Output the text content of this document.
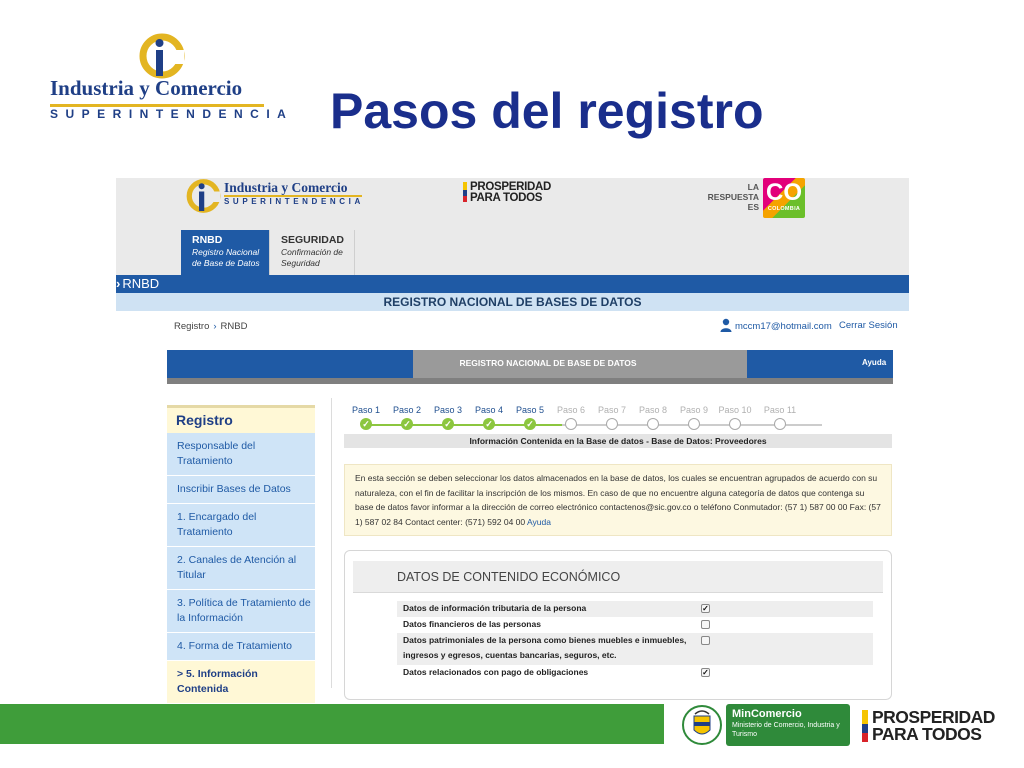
Industria y Comercio
SUPERINTENDENCIA Pasos del registro
Industria y Comercio
SUPERINTENDENCIA
PROSPERIDAD
PARA TODOS
LA
RESPUESTA
ES
CO
COLOMBIA
RNBD
Registro Nacional de Base de Datos
SEGURIDAD
Confirmación de Seguridad
› RNBD
REGISTRO NACIONAL DE BASES DE DATOS
Registro › RNBD	mccm17@hotmail.com Cerrar Sesión
REGISTRO NACIONAL DE BASE DE DATOS	Ayuda
Registro
Responsable del Tratamiento
Inscribir Bases de Datos
1. Encargado del Tratamiento
2. Canales de Atención al Titular
3. Política de Tratamiento de la Información
4. Forma de Tratamiento
> 5. Información Contenida
Paso 1
✓
Paso 2
✓
Paso 3
✓
Paso 4
✓
Paso 5
✓
Paso 6	Paso 7	Paso 8	Paso 9	Paso 10	Paso 11
Información Contenida en la Base de datos - Base de Datos: Proveedores
En esta sección se deben seleccionar los datos almacenados en la base de datos, los cuales se encuentran agrupados de acuerdo con su naturaleza, con el fin de facilitar la inscripción de los mismos. En caso de que no encuentre alguna categoría de datos que contenga su base de datos favor informar a la dirección de correo electrónico contactenos@sic.gov.co o teléfono Conmutador: (57 1) 587 00 00 Fax: (57 1) 587 02 84 Contact center: (571) 592 04 00 Ayuda
DATOS DE CONTENIDO ECONÓMICO
Datos de información tributaria de la persona	✓
Datos financieros de las personas
Datos patrimoniales de la persona como bienes muebles e inmuebles, ingresos y egresos, cuentas bancarias, seguros, etc.
Datos relacionados con pago de obligaciones	✓
MinComercio
Ministerio de Comercio, Industria y Turismo
PROSPERIDAD
PARA TODOS
